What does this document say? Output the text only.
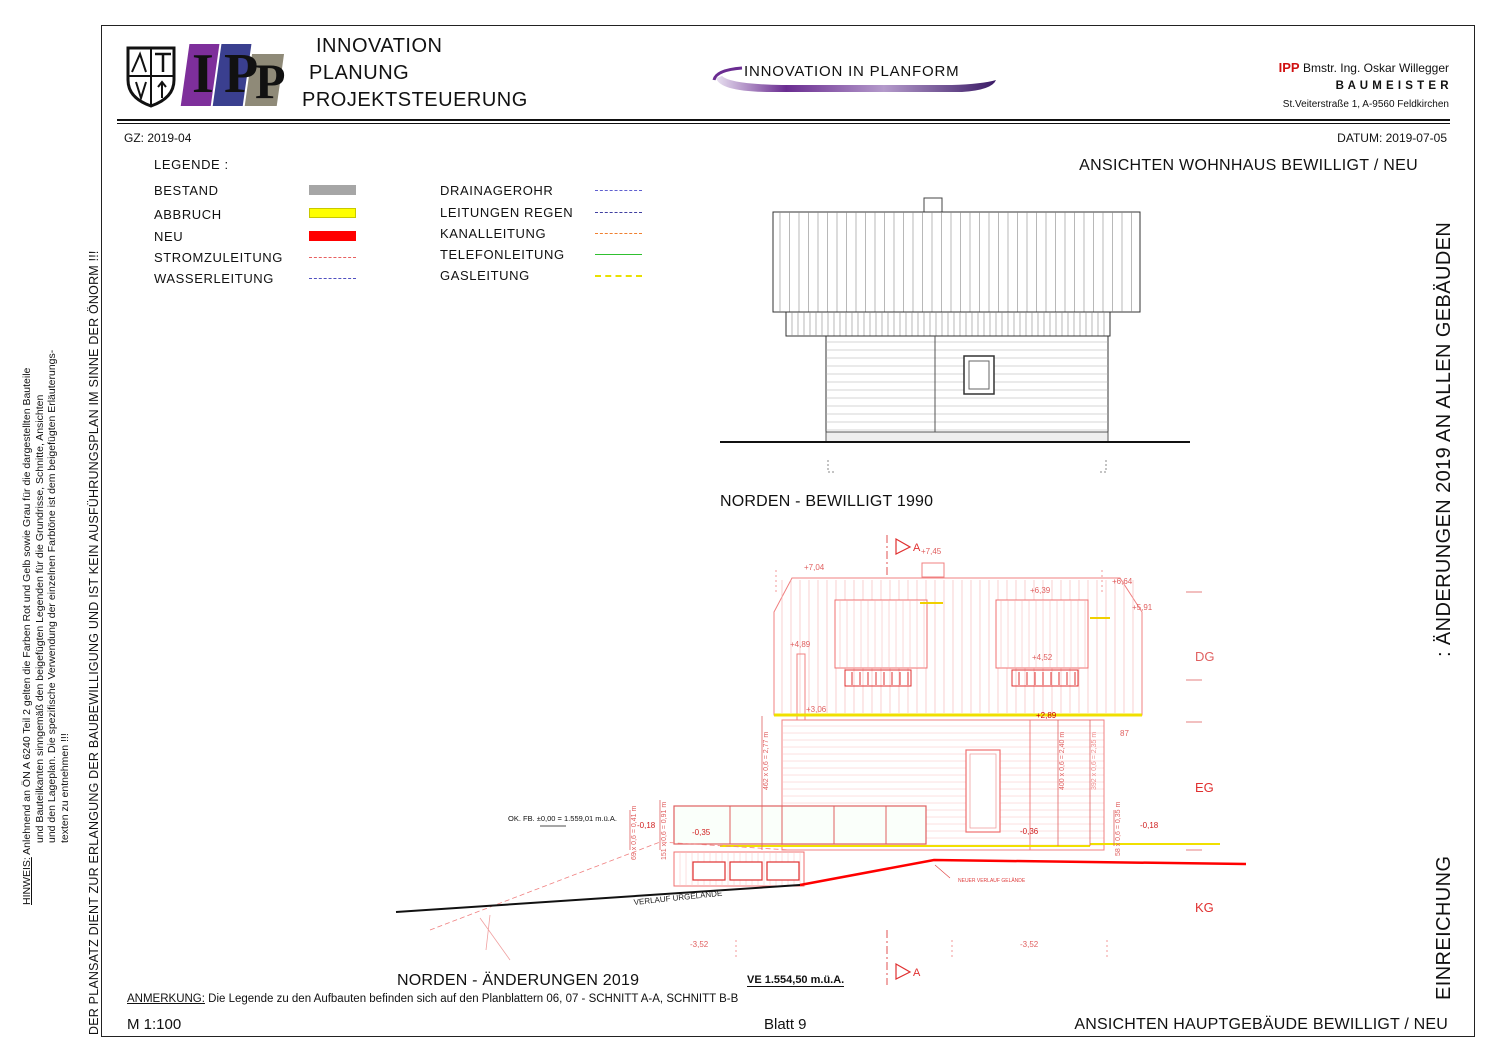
DER PLANSATZ DIENT ZUR ERLANGUNG DER BAUBEWILLIGUNG UND IST KEIN AUSFÜHRUNGSPLAN IM SINNE DER ÖNORM !!!
HINWEIS: Anlehnend an ÖN A 6240 Teil 2 gelten die Farben Rot und Gelb sowie Grau für die dargestellten Bauteile und Bauteilkanten sinngemäß den beigefügten Legenden für die Grundrisse, Schnitte, Ansichten und den Lageplan. Die spezifische Verwendung der einzelnen Farbtöne ist dem beigefügten Erläuterungs- texten zu entnehmen !!!
I P
P
INNOVATION
PLANUNG
PROJEKTSTEUERUNG
INNOVATION IN PLANFORM	IPP Bmstr. Ing. Oskar Willegger
B A U M E I S T E R
St.Veiterstraße 1, A-9560 Feldkirchen
GZ: 2019-04	DATUM: 2019-07-05
LEGENDE :
BESTAND
ABBRUCH
NEU
STROMZULEITUNG
WASSERLEITUNG
DRAINAGEROHR
LEITUNGEN REGEN
KANALLEITUNG
TELEFONLEITUNG
GASLEITUNG
ANSICHTEN WOHNHAUS BEWILLIGT / NEU
: ÄNDERUNGEN 2019 AN ALLEN GEBÄUDEN
EINREICHUNG
NORDEN - BEWILLIGT 1990
A
A
VERLAUF URGELÄNDE
NEUER VERLAUF GELÄNDE
+7,45
+7,04
+6,64
+6,39
+5,91
+4,89
+4,52
+3,06
+2,89
-0,35
-0,18
-0,36
-0,18
-3,52	-3,52
462 x 0,6 = 2,77 m	400 x 0,6 = 2,40 m	392 x 0,6 = 2,35 m
58 x 0,6 = 0,35 m
69 x 0,6 = 0,41 m	151 x 0,6 = 0,91 m
87
OK. FB. ±0,00 = 1.559,01 m.ü.A.
DG
EG
KG
NORDEN - ÄNDERUNGEN 2019	VE 1.554,50 m.ü.A.
ANMERKUNG: Die Legende zu den Aufbauten befinden sich auf den Planblattern 06, 07 - SCHNITT A-A, SCHNITT B-B
M 1:100	Blatt 9	ANSICHTEN HAUPTGEBÄUDE BEWILLIGT / NEU
